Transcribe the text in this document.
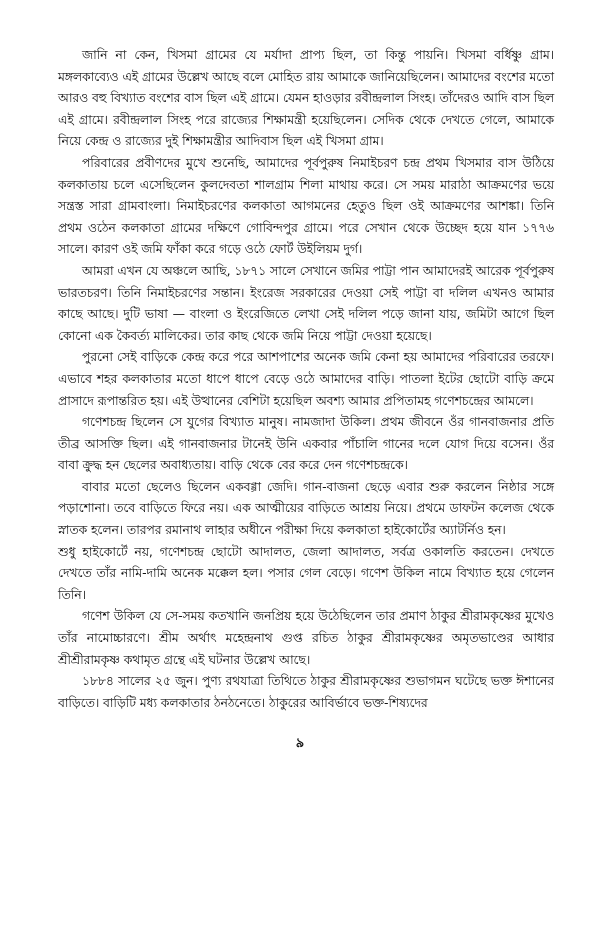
জানি না কেন, খিসমা গ্রামের যে মর্যাদা প্রাপ্য ছিল, তা কিন্তু পায়নি। খিসমা বর্ধিষ্ণু গ্রাম। মঙ্গলকাব্যেও এই গ্রামের উল্লেখ আছে বলে মোহিত রায় আমাকে জানিয়েছিলেন। আমাদের বংশের মতো আরও বহু বিখ্যাত বংশের বাস ছিল এই গ্রামে। যেমন হাওড়ার রবীন্দ্রলাল সিংহ। তাঁদেরও আদি বাস ছিল এই গ্রামে। রবীন্দ্রলাল সিংহ পরে রাজ্যের শিক্ষামন্ত্রী হয়েছিলেন। সেদিক থেকে দেখতে গেলে, আমাকে নিয়ে কেন্দ্র ও রাজ্যের দুই শিক্ষামন্ত্রীর আদিবাস ছিল এই খিসমা গ্রাম।

পরিবারের প্রবীণদের মুখে শুনেছি, আমাদের পূর্বপুরুষ নিমাইচরণ চন্দ্র প্রথম খিসমার বাস উঠিয়ে কলকাতায় চলে এসেছিলেন কুলদেবতা শালগ্রাম শিলা মাথায় করে। সে সময় মারাঠা আক্রমণের ভয়ে সন্ত্রস্ত সারা গ্রামবাংলা। নিমাইচরণের কলকাতা আগমনের হেতুও ছিল ওই আক্রমণের আশঙ্কা। তিনি প্রথম ওঠেন কলকাতা গ্রামের দক্ষিণে গোবিন্দপুর গ্রামে। পরে সেখান থেকে উচ্ছেদ হয়ে যান ১৭৭৬ সালে। কারণ ওই জমি ফাঁকা করে গড়ে ওঠে ফোর্ট উইলিয়ম দুর্গ।

আমরা এখন যে অঞ্চলে আছি, ১৮৭১ সালে সেখানে জমির পাট্টা পান আমাদেরই আরেক পূর্বপুরুষ ভারতচরণ। তিনি নিমাইচরণের সন্তান। ইংরেজ সরকারের দেওয়া সেই পাট্টা বা দলিল এখনও আমার কাছে আছে। দুটি ভাষা — বাংলা ও ইংরেজিতে লেখা সেই দলিল পড়ে জানা যায়, জমিটা আগে ছিল কোনো এক কৈবর্ত্য মালিকের। তার কাছ থেকে জমি নিয়ে পাট্টা দেওয়া হয়েছে।

পুরনো সেই বাড়িকে কেন্দ্র করে পরে আশপাশের অনেক জমি কেনা হয় আমাদের পরিবারের তরফে। এভাবে শহর কলকাতার মতো ধাপে ধাপে বেড়ে ওঠে আমাদের বাড়ি। পাতলা ইটের ছোটো বাড়ি ক্রমে প্রাসাদে রূপান্তরিত হয়। এই উত্থানের বেশিটা হয়েছিল অবশ্য আমার প্রপিতামহ গণেশচন্দ্রের আমলে।

গণেশচন্দ্র ছিলেন সে যুগের বিখ্যাত মানুষ। নামজাদা উকিল। প্রথম জীবনে ওঁর গানবাজনার প্রতি তীব্র আসক্তি ছিল। এই গানবাজনার টানেই উনি একবার পাঁচালি গানের দলে যোগ দিয়ে বসেন। ওঁর বাবা ক্রুদ্ধ হন ছেলের অবাধ্যতায়। বাড়ি থেকে বের করে দেন গণেশচন্দ্রকে।

বাবার মতো ছেলেও ছিলেন একবগ্গা জেদি। গান-বাজনা ছেড়ে এবার শুরু করলেন নিষ্ঠার সঙ্গে পড়াশোনা। তবে বাড়িতে ফিরে নয়। এক আত্মীয়ের বাড়িতে আশ্রয় নিয়ে। প্রথমে ডাফটন কলেজ থেকে স্নাতক হলেন। তারপর রমানাথ লাহার অধীনে পরীক্ষা দিয়ে কলকাতা হাইকোর্টের অ্যাটর্নিও হন।

শুধু হাইকোর্টে নয়, গণেশচন্দ্র ছোটো আদালত, জেলা আদালত, সর্বত্র ওকালতি করতেন। দেখতে দেখতে তাঁর নামি-দামি অনেক মক্কেল হল। পসার গেল বেড়ে। গণেশ উকিল নামে বিখ্যাত হয়ে গেলেন তিনি।

গণেশ উকিল যে সে-সময় কতখানি জনপ্রিয় হয়ে উঠেছিলেন তার প্রমাণ ঠাকুর শ্রীরামকৃষ্ণের মুখেও তাঁর নামোচ্চারণে। শ্রীম অর্থাৎ মহেন্দ্রনাথ গুপ্ত রচিত ঠাকুর শ্রীরামকৃষ্ণের অমৃতভাণ্ডের আধার শ্রীশ্রীরামকৃষ্ণ কথামৃত গ্রন্থে এই ঘটনার উল্লেখ আছে।

১৮৮৪ সালের ২৫ জুন। পুণ্য রথযাত্রা তিথিতে ঠাকুর শ্রীরামকৃষ্ণের শুভাগমন ঘটেছে ভক্ত ঈশানের বাড়িতে। বাড়িটি মধ্য কলকাতার ঠনঠনেতে। ঠাকুরের আবির্ভাবে ভক্ত-শিষ্যদের

৯
